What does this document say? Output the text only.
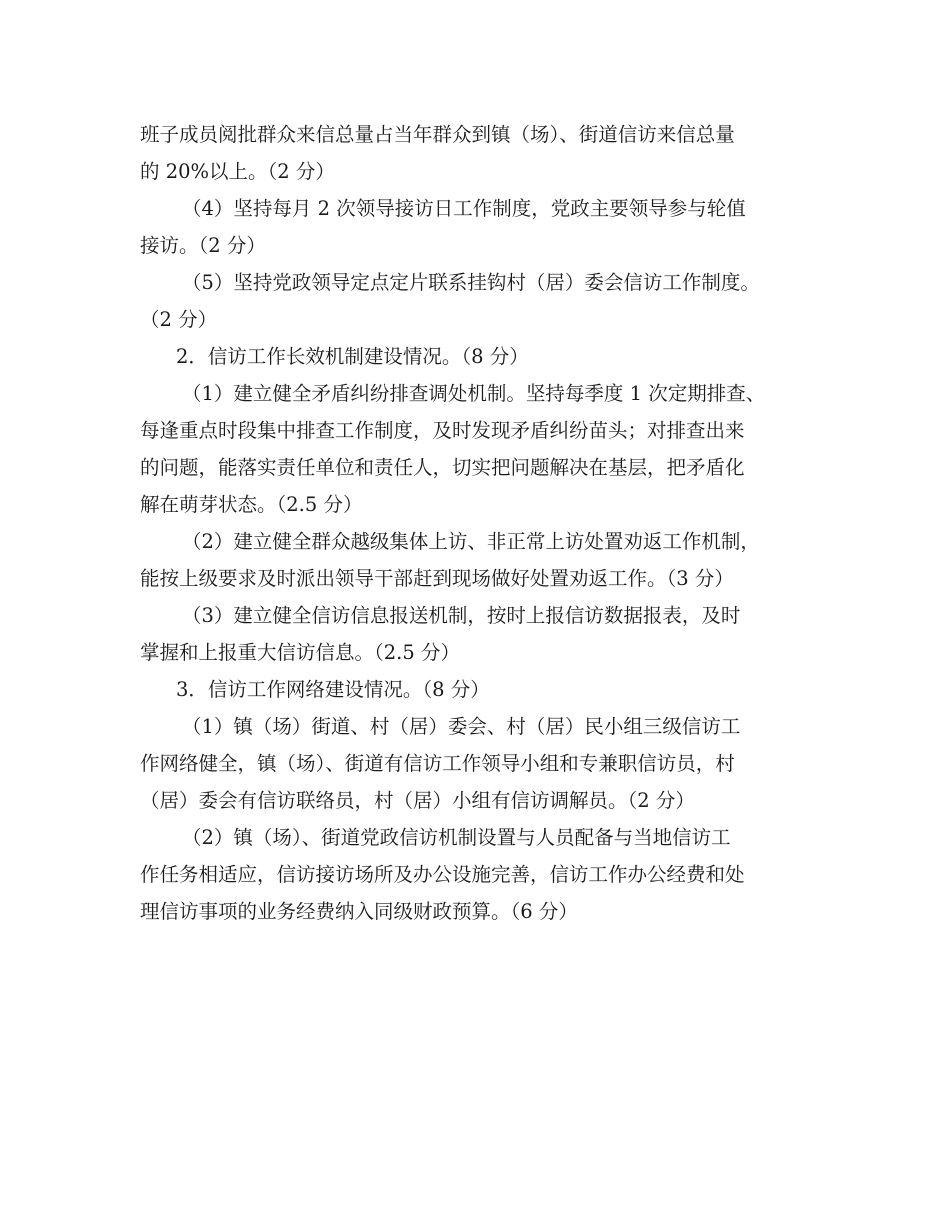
班子成员阅批群众来信总量占当年群众到镇（场）、街道信访来信总量
的 20%以上。（2 分）
（4）坚持每月 2 次领导接访日工作制度，党政主要领导参与轮值
接访。（2 分）
（5）坚持党政领导定点定片联系挂钩村（居）委会信访工作制度。
（2 分）
2．信访工作长效机制建设情况。（8 分）
（1）建立健全矛盾纠纷排查调处机制。坚持每季度 1 次定期排查、
每逢重点时段集中排查工作制度，及时发现矛盾纠纷苗头；对排查出来
的问题，能落实责任单位和责任人，切实把问题解决在基层，把矛盾化
解在萌芽状态。（2.5 分）
（2）建立健全群众越级集体上访、非正常上访处置劝返工作机制，
能按上级要求及时派出领导干部赶到现场做好处置劝返工作。（3 分）
（3）建立健全信访信息报送机制，按时上报信访数据报表，及时
掌握和上报重大信访信息。（2.5 分）
3．信访工作网络建设情况。（8 分）
（1）镇（场）街道、村（居）委会、村（居）民小组三级信访工
作网络健全，镇（场）、街道有信访工作领导小组和专兼职信访员，村
（居）委会有信访联络员，村（居）小组有信访调解员。（2 分）
（2）镇（场）、街道党政信访机制设置与人员配备与当地信访工
作任务相适应，信访接访场所及办公设施完善，信访工作办公经费和处
理信访事项的业务经费纳入同级财政预算。（6 分）
